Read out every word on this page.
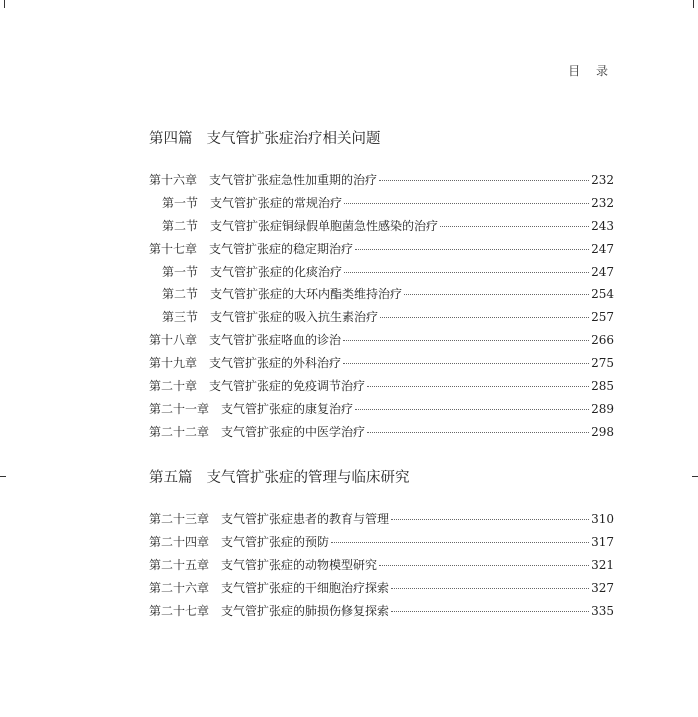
目 录
第四篇 支气管扩张症治疗相关问题
第十六章 支气管扩张症急性加重期的治疗	232
第一节 支气管扩张症的常规治疗	232
第二节 支气管扩张症铜绿假单胞菌急性感染的治疗	243
第十七章 支气管扩张症的稳定期治疗	247
第一节 支气管扩张症的化痰治疗	247
第二节 支气管扩张症的大环内酯类维持治疗	254
第三节 支气管扩张症的吸入抗生素治疗	257
第十八章 支气管扩张症咯血的诊治	266
第十九章 支气管扩张症的外科治疗	275
第二十章 支气管扩张症的免疫调节治疗	285
第二十一章 支气管扩张症的康复治疗	289
第二十二章 支气管扩张症的中医学治疗	298
第五篇 支气管扩张症的管理与临床研究
第二十三章 支气管扩张症患者的教育与管理	310
第二十四章 支气管扩张症的预防	317
第二十五章 支气管扩张症的动物模型研究	321
第二十六章 支气管扩张症的干细胞治疗探索	327
第二十七章 支气管扩张症的肺损伤修复探索	335
